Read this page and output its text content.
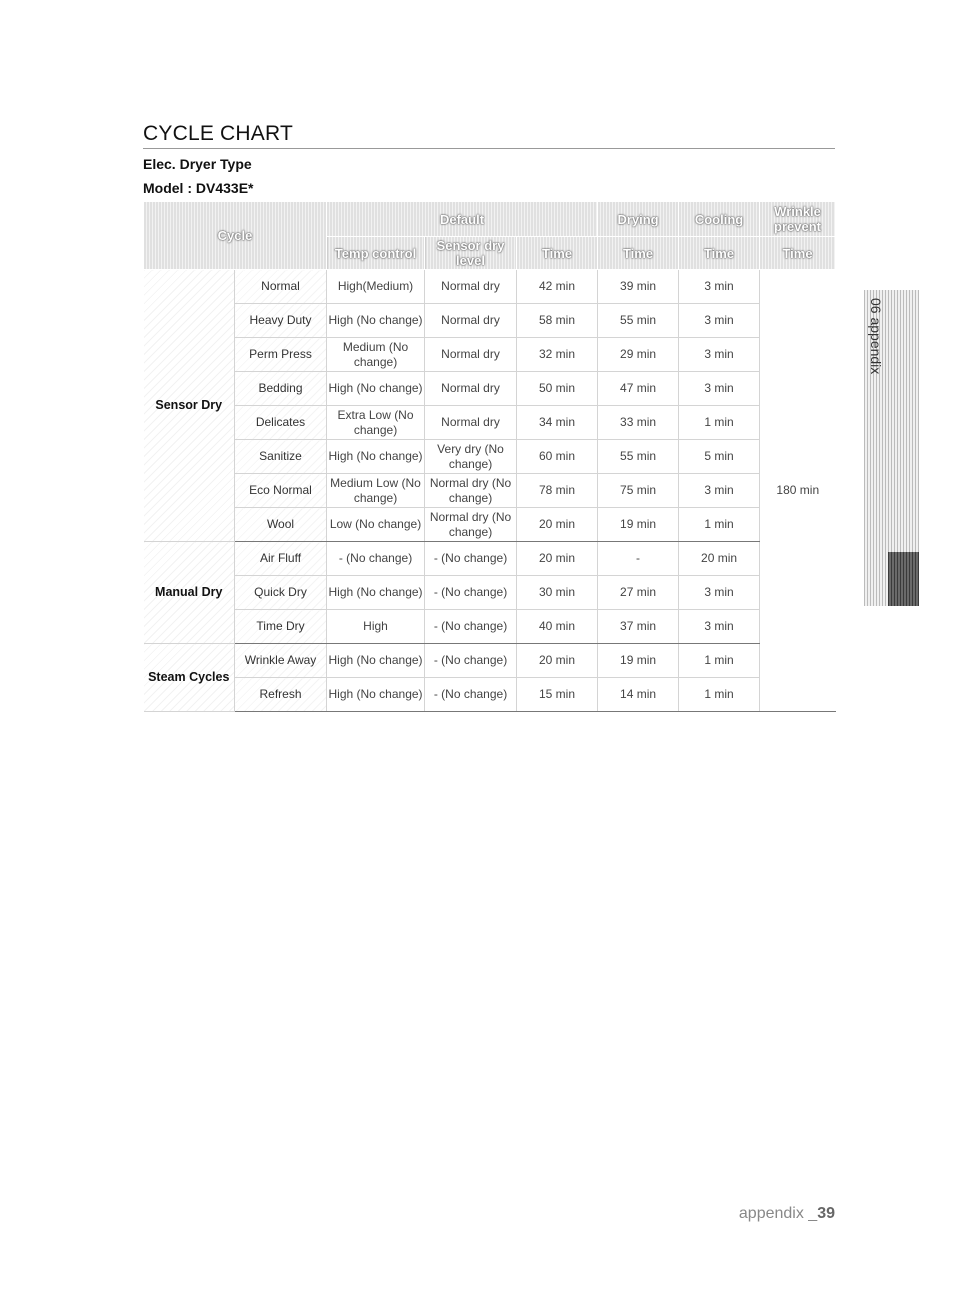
CYCLE CHART
Elec. Dryer Type
Model : DV433E*
Cycle		Default			Drying	Cooling	Wrinkle prevent
		Temp control	Sensor dry level	Time	Time	Time	Time
Sensor Dry	Normal	High(Medium)	Normal dry	42 min	39 min	3 min	180 min
	Heavy Duty	High (No change)	Normal dry	58 min	55 min	3 min	
	Perm Press	Medium (No change)	Normal dry	32 min	29 min	3 min	
	Bedding	High (No change)	Normal dry	50 min	47 min	3 min	
	Delicates	Extra Low (No change)	Normal dry	34 min	33 min	1 min	
	Sanitize	High (No change)	Very dry (No change)	60 min	55 min	5 min	
	Eco Normal	Medium Low (No change)	Normal dry (No change)	78 min	75 min	3 min	
	Wool	Low (No change)	Normal dry (No change)	20 min	19 min	1 min	
Manual Dry	Air Fluff	- (No change)	- (No change)	20 min	-	20 min	
	Quick Dry	High (No change)	- (No change)	30 min	27 min	3 min	
	Time Dry	High	- (No change)	40 min	37 min	3 min	
Steam Cycles	Wrinkle Away	High (No change)	- (No change)	20 min	19 min	1 min	
	Refresh	High (No change)	- (No change)	15 min	14 min	1 min	
06 appendix
appendix _39
